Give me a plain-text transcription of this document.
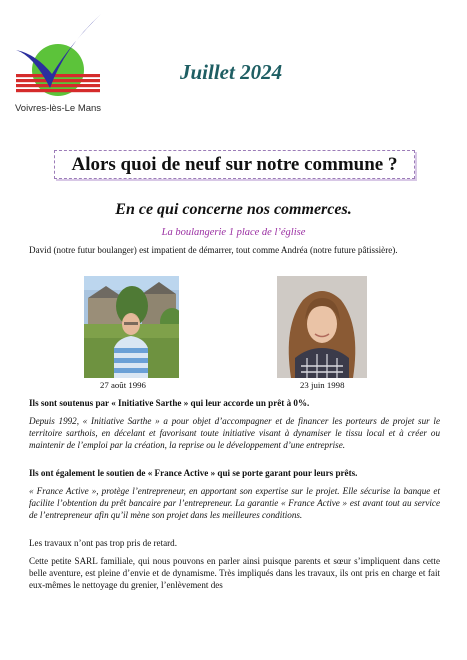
Voivres-lès-Le Mans
Juillet 2024
Alors quoi de neuf sur notre commune ?
En ce qui concerne nos commerces.
La boulangerie 1 place de l’église

David (notre futur boulanger) est impatient de démarrer, tout comme Andréa (notre future pâtissière).

27 août 1996	23 juin 1998

Ils sont soutenus par « Initiative Sarthe » qui leur accorde un prêt à 0%.

Depuis 1992, « Initiative Sarthe » a pour objet d’accompagner et de financer les porteurs de projet sur le territoire sarthois, en décelant et favorisant toute initiative visant à dynamiser le tissu local et à créer ou maintenir de l’emploi par la création, la reprise ou le développement d’une entreprise.

Ils ont également le soutien de « France Active » qui se porte garant pour leurs prêts.

« France Active », protège l’entrepreneur, en apportant son expertise sur le projet. Elle sécurise la banque et facilite l’obtention du prêt bancaire par l’entrepreneur. La garantie « France Active » est avant tout au service de l’entrepreneur afin qu’il mène son projet dans les meilleures conditions.

Les travaux n’ont pas trop pris de retard.

Cette petite SARL familiale, qui nous pouvons en parler ainsi puisque parents et sœur s’impliquent dans cette belle aventure, est pleine d’envie et de dynamisme. Très impliqués dans les travaux, ils ont pris en charge et fait eux-mêmes le nettoyage du grenier, l’enlèvement des
